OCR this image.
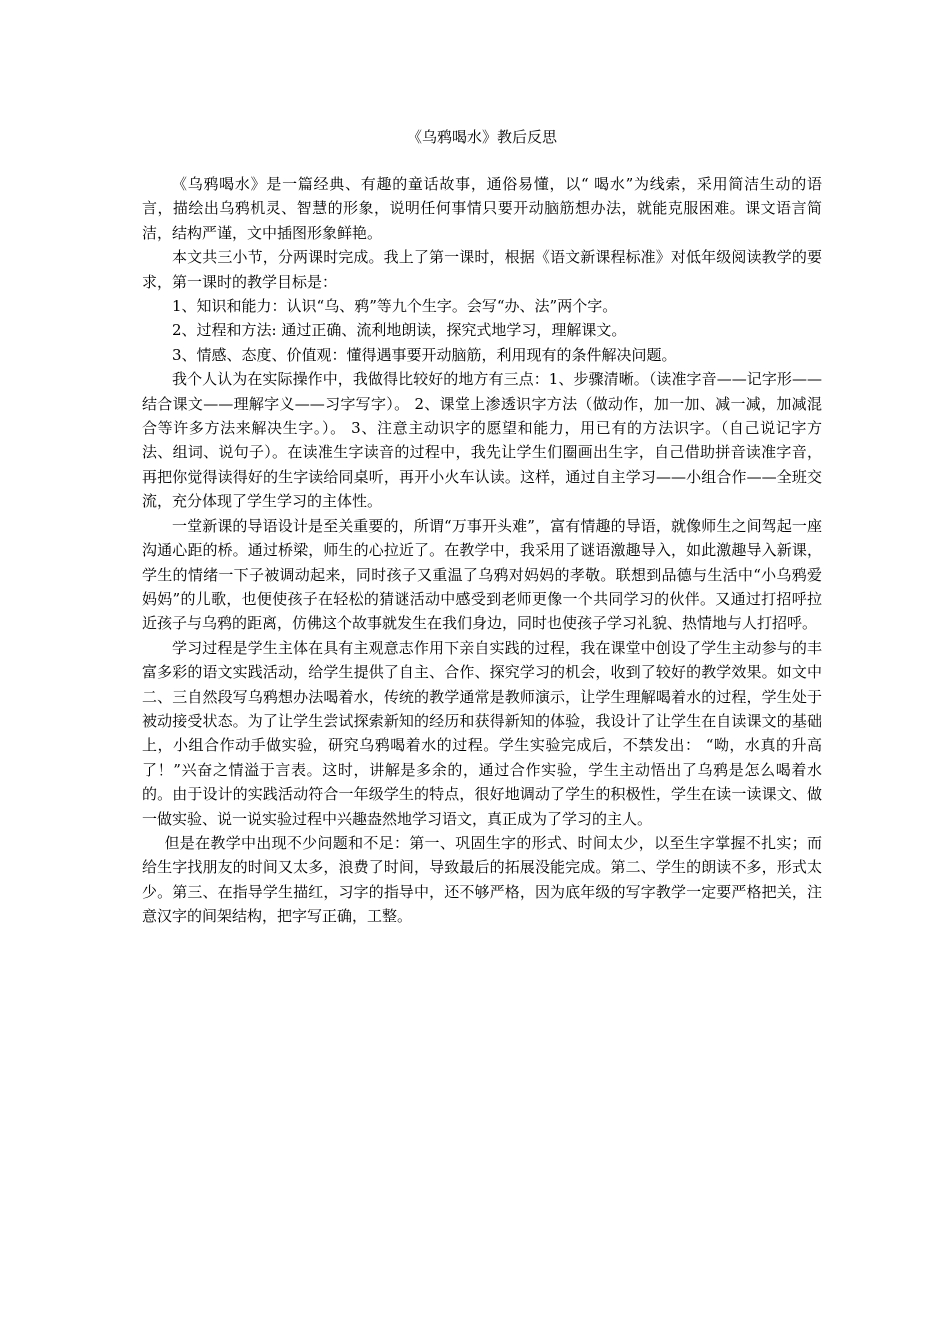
《乌鸦喝水》教后反思

《乌鸦喝水》是一篇经典、有趣的童话故事，通俗易懂，以“ 喝水”为线索，采用简洁生动的语言，描绘出乌鸦机灵、智慧的形象，说明任何事情只要开动脑筋想办法，就能克服困难。课文语言简洁，结构严谨，文中插图形象鲜艳。

本文共三小节，分两课时完成。我上了第一课时，根据《语文新课程标准》对低年级阅读教学的要求，第一课时的教学目标是：

1、知识和能力：认识“乌、鸦”等九个生字。会写“办、法”两个字。

2、过程和方法: 通过正确、流利地朗读，探究式地学习，理解课文。

3、情感、态度、价值观：懂得遇事要开动脑筋，利用现有的条件解决问题。

我个人认为在实际操作中，我做得比较好的地方有三点：1、步骤清晰。（读准字音——记字形——结合课文——理解字义——习字写字）。 2、课堂上渗透识字方法（做动作，加一加、减一减，加减混合等许多方法来解决生字。）。 3、注意主动识字的愿望和能力，用已有的方法识字。（自己说记字方法、组词、说句子）。在读准生字读音的过程中，我先让学生们圈画出生字，自己借助拼音读准字音，再把你觉得读得好的生字读给同桌听，再开小火车认读。这样，通过自主学习——小组合作——全班交流，充分体现了学生学习的主体性。

一堂新课的导语设计是至关重要的，所谓“万事开头难”，富有情趣的导语，就像师生之间驾起一座沟通心距的桥。通过桥梁，师生的心拉近了。在教学中，我采用了谜语激趣导入，如此激趣导入新课，学生的情绪一下子被调动起来，同时孩子又重温了乌鸦对妈妈的孝敬。联想到品德与生活中“小乌鸦爱妈妈”的儿歌，也便使孩子在轻松的猜谜活动中感受到老师更像一个共同学习的伙伴。又通过打招呼拉近孩子与乌鸦的距离，仿佛这个故事就发生在我们身边，同时也使孩子学习礼貌、热情地与人打招呼。

学习过程是学生主体在具有主观意志作用下亲自实践的过程，我在课堂中创设了学生主动参与的丰富多彩的语文实践活动，给学生提供了自主、合作、探究学习的机会，收到了较好的教学效果。如文中二、三自然段写乌鸦想办法喝着水，传统的教学通常是教师演示，让学生理解喝着水的过程，学生处于被动接受状态。为了让学生尝试探索新知的经历和获得新知的体验，我设计了让学生在自读课文的基础上，小组合作动手做实验，研究乌鸦喝着水的过程。学生实验完成后，不禁发出： “呦，水真的升高了！”兴奋之情溢于言表。这时，讲解是多余的，通过合作实验，学生主动悟出了乌鸦是怎么喝着水的。由于设计的实践活动符合一年级学生的特点，很好地调动了学生的积极性，学生在读一读课文、做一做实验、说一说实验过程中兴趣盎然地学习语文，真正成为了学习的主人。

但是在教学中出现不少问题和不足：第一、巩固生字的形式、时间太少，以至生字掌握不扎实；而给生字找朋友的时间又太多，浪费了时间，导致最后的拓展没能完成。第二、学生的朗读不多，形式太少。第三、在指导学生描红，习字的指导中，还不够严格，因为底年级的写字教学一定要严格把关，注意汉字的间架结构，把字写正确，工整。
